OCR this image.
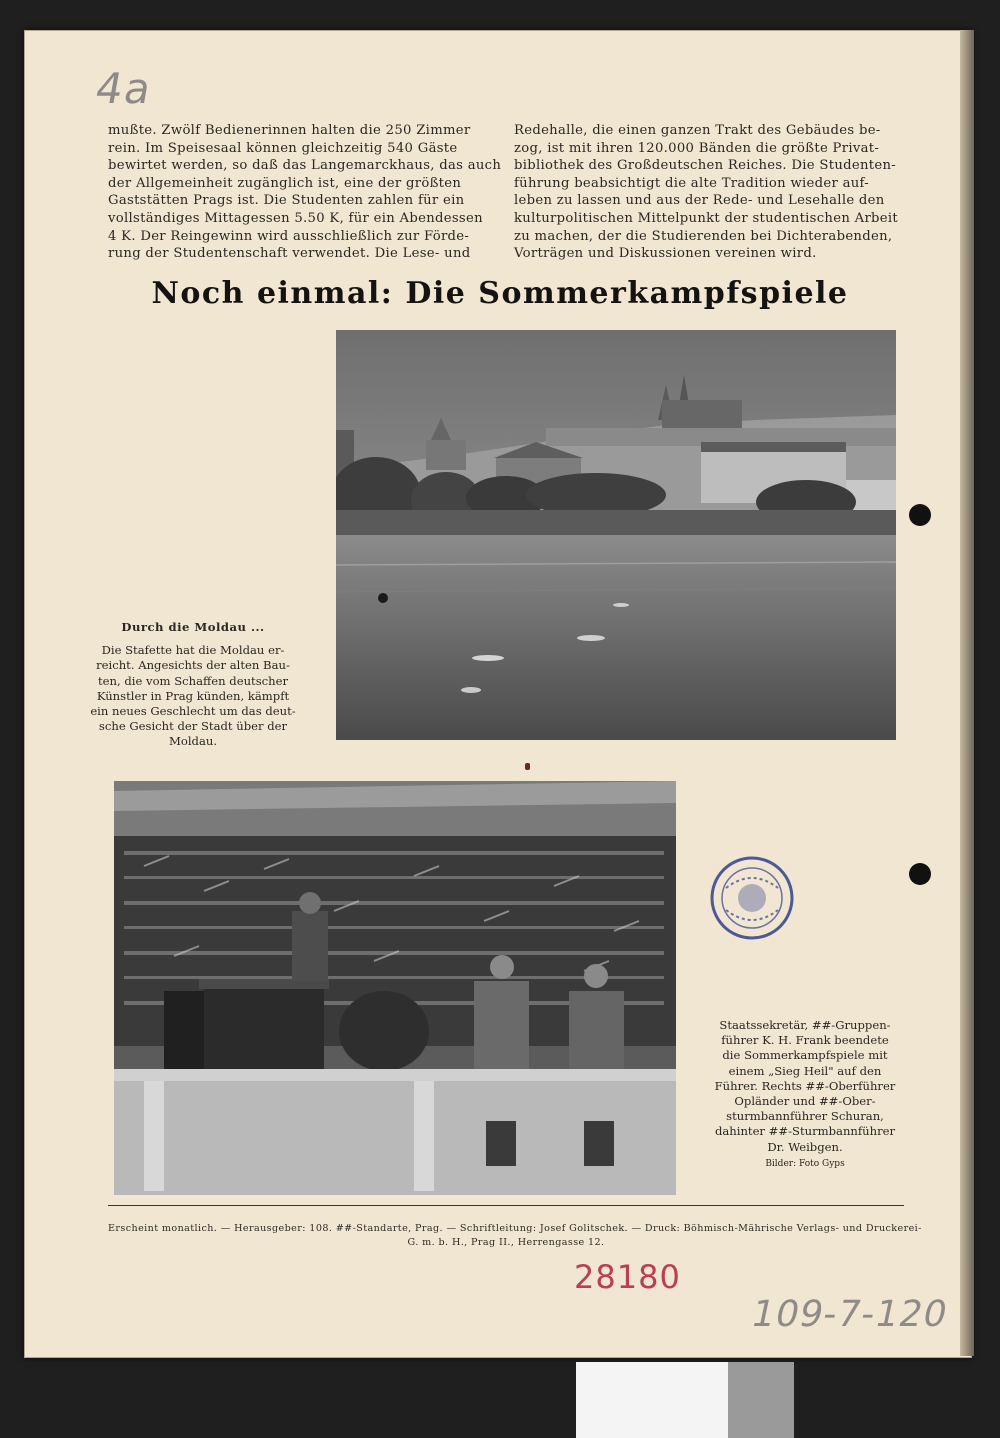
4a
mußte. Zwölf Bedienerinnen halten die 250 Zimmer
rein. Im Speisesaal können gleichzeitig 540 Gäste
bewirtet werden, so daß das Langemarckhaus, das auch
der Allgemeinheit zugänglich ist, eine der größten
Gaststätten Prags ist. Die Studenten zahlen für ein
vollständiges Mittagessen 5.50 K, für ein Abendessen
4 K. Der Reingewinn wird ausschließlich zur Förde-
rung der Studentenschaft verwendet. Die Lese- und
Redehalle, die einen ganzen Trakt des Gebäudes be-
zog, ist mit ihren 120.000 Bänden die größte Privat-
bibliothek des Großdeutschen Reiches. Die Studenten-
führung beabsichtigt die alte Tradition wieder auf-
leben zu lassen und aus der Rede- und Lesehalle den
kulturpolitischen Mittelpunkt der studentischen Arbeit
zu machen, der die Studierenden bei Dichterabenden,
Vorträgen und Diskussionen vereinen wird.
Noch einmal: Die Sommerkampfspiele
Durch die Moldau ...
Die Stafette hat die Moldau er-
reicht. Angesichts der alten Bau-
ten, die vom Schaffen deutscher
Künstler in Prag künden, kämpft
ein neues Geschlecht um das deut-
sche Gesicht der Stadt über der
Moldau.
Staatssekretär, ##-Gruppen-
führer K. H. Frank beendete
die Sommerkampfspiele mit
einem „Sieg Heil" auf den
Führer. Rechts ##-Oberführer
Opländer und ##-Ober-
sturmbannführer Schuran,
dahinter ##-Sturmbannführer
Dr. Weibgen.
Bilder: Foto Gyps
Erscheint monatlich. — Herausgeber: 108. ##-Standarte, Prag. — Schriftleitung: Josef Golitschek. — Druck: Böhmisch-Mährische Verlags- und Druckerei-
G. m. b. H., Prag II., Herrengasse 12.
28180
109-7-120
